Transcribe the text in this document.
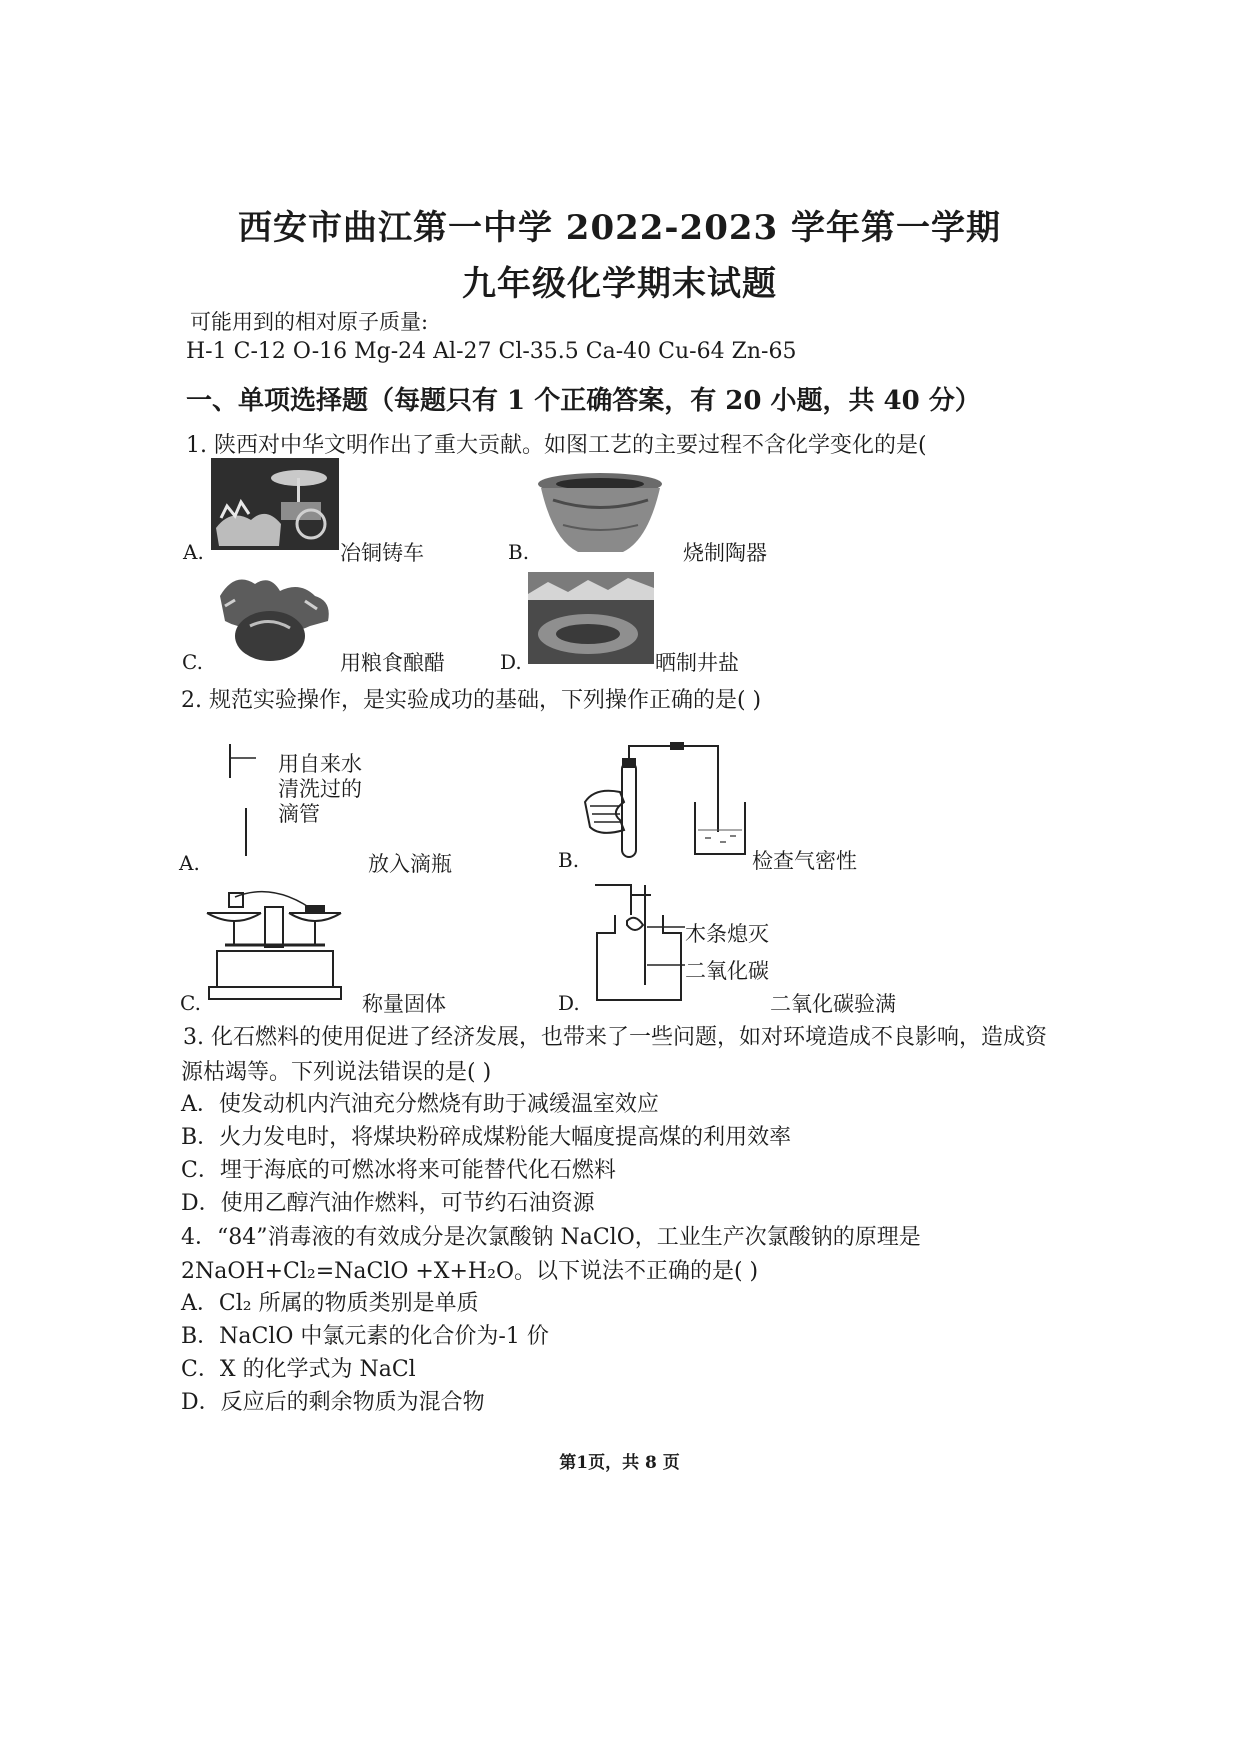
西安市曲江第一中学 2022-2023 学年第一学期
九年级化学期末试题
可能用到的相对原子质量:
H-1 C-12 O-16 Mg-24 Al-27 Cl-35.5 Ca-40 Cu-64 Zn-65
一、单项选择题（每题只有 1 个正确答案，有 20 小题，共 40 分）
1. 陕西对中华文明作出了重大贡献。如图工艺的主要过程不含化学变化的是(
A.	冶铜铸车	B.	烧制陶器
C.	用粮食酿醋	D.	晒制井盐
2. 规范实验操作，是实验成功的基础，下列操作正确的是( )
用自来水
清洗过的
滴管
A.	放入滴瓶	B.	检查气密性
C.	称量固体
木条熄灭
二氧化碳
D.	二氧化碳验满
3. 化石燃料的使用促进了经济发展，也带来了一些问题，如对环境造成不良影响，造成资
源枯竭等。下列说法错误的是( )
A．使发动机内汽油充分燃烧有助于减缓温室效应
B．火力发电时，将煤块粉碎成煤粉能大幅度提高煤的利用效率
C．埋于海底的可燃冰将来可能替代化石燃料
D．使用乙醇汽油作燃料，可节约石油资源
4．“84”消毒液的有效成分是次氯酸钠 NaClO，工业生产次氯酸钠的原理是
2NaOH+Cl₂=NaClO +X+H₂O。以下说法不正确的是( )
A．Cl₂ 所属的物质类别是单质
B．NaClO 中氯元素的化合价为-1 价
C．X 的化学式为 NaCl
D．反应后的剩余物质为混合物
第1页，共 8 页
